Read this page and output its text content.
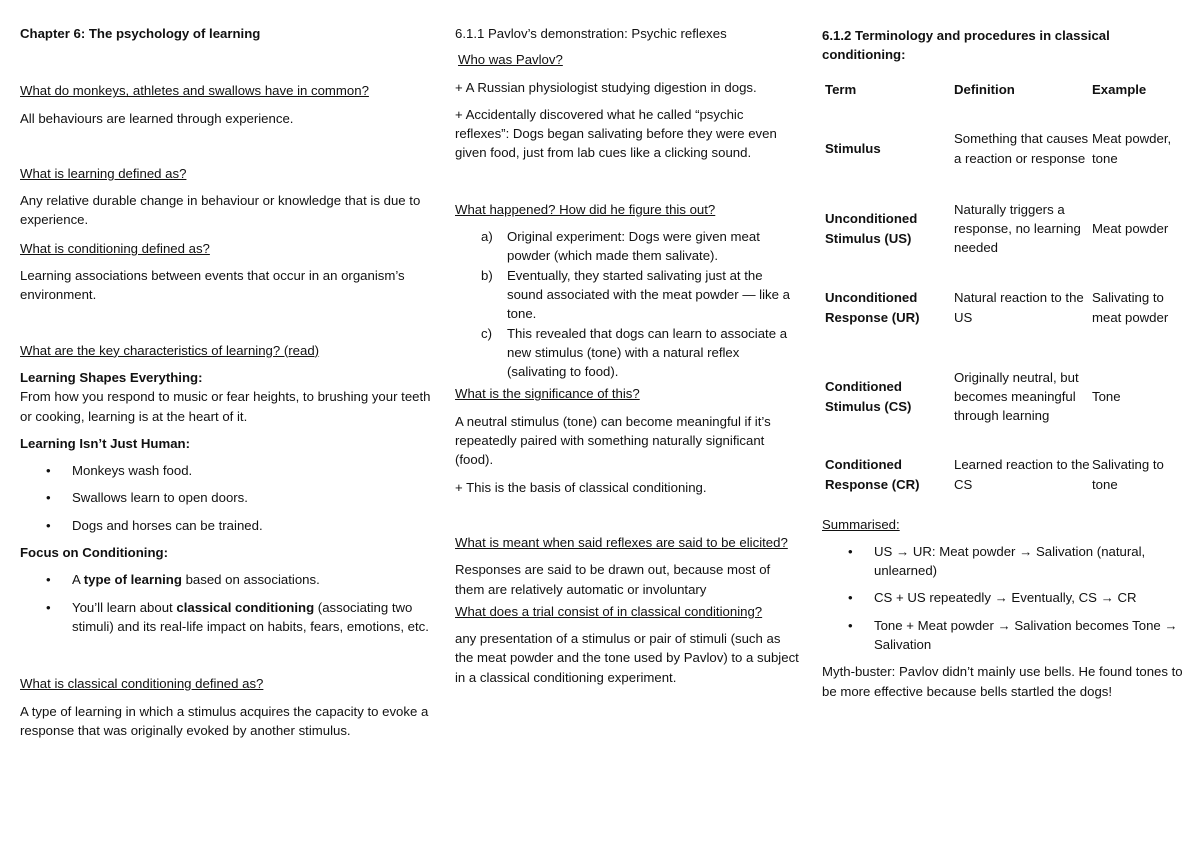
Chapter 6: The psychology of learning

What do monkeys, athletes and swallows have in common?

All behaviours are learned through experience.

What is learning defined as?

Any relative durable change in behaviour or knowledge that is due to experience.

What is conditioning defined as?

Learning associations between events that occur in an organism’s environment.

What are the key characteristics of learning? (read)

Learning Shapes Everything:

From how you respond to music or fear heights, to brushing your teeth or cooking, learning is at the heart of it.

Learning Isn’t Just Human:

• Monkeys wash food.
• Swallows learn to open doors.
• Dogs and horses can be trained.

Focus on Conditioning:

• A type of learning based on associations.
• You’ll learn about classical conditioning (associating two stimuli) and its real-life impact on habits, fears, emotions, etc.

What is classical conditioning defined as?

A type of learning in which a stimulus acquires the capacity to evoke a response that was originally evoked by another stimulus.

6.1.1 Pavlov’s demonstration: Psychic reflexes

Who was Pavlov?

+ A Russian physiologist studying digestion in dogs.

+ Accidentally discovered what he called “psychic reflexes”: Dogs began salivating before they were even given food, just from lab cues like a clicking sound.

What happened? How did he figure this out?

a) Original experiment: Dogs were given meat powder (which made them salivate).
b) Eventually, they started salivating just at the sound associated with the meat powder — like a tone.
c) This revealed that dogs can learn to associate a new stimulus (tone) with a natural reflex (salivating to food).

What is the significance of this?

A neutral stimulus (tone) can become meaningful if it’s repeatedly paired with something naturally significant (food).

+ This is the basis of classical conditioning.

What is meant when said reflexes are said to be elicited?

Responses are said to be drawn out, because most of them are relatively automatic or involuntary

What does a trial consist of in classical conditioning?

any presentation of a stimulus or pair of stimuli (such as the meat powder and the tone used by Pavlov) to a subject in a classical conditioning experiment.

6.1.2 Terminology and procedures in classical conditioning:

Term	Definition	Example
Stimulus	Something that causes a reaction or response	Meat powder, tone
Unconditioned Stimulus (US)	Naturally triggers a response, no learning needed	Meat powder
Unconditioned Response (UR)	Natural reaction to the US	Salivating to meat powder
Conditioned Stimulus (CS)	Originally neutral, but becomes meaningful through learning	Tone
Conditioned Response (CR)	Learned reaction to the CS	Salivating to tone

Summarised:

• US → UR: Meat powder → Salivation (natural, unlearned)
• CS + US repeatedly → Eventually, CS → CR
• Tone + Meat powder → Salivation becomes Tone → Salivation

Myth-buster: Pavlov didn’t mainly use bells. He found tones to be more effective because bells startled the dogs!
